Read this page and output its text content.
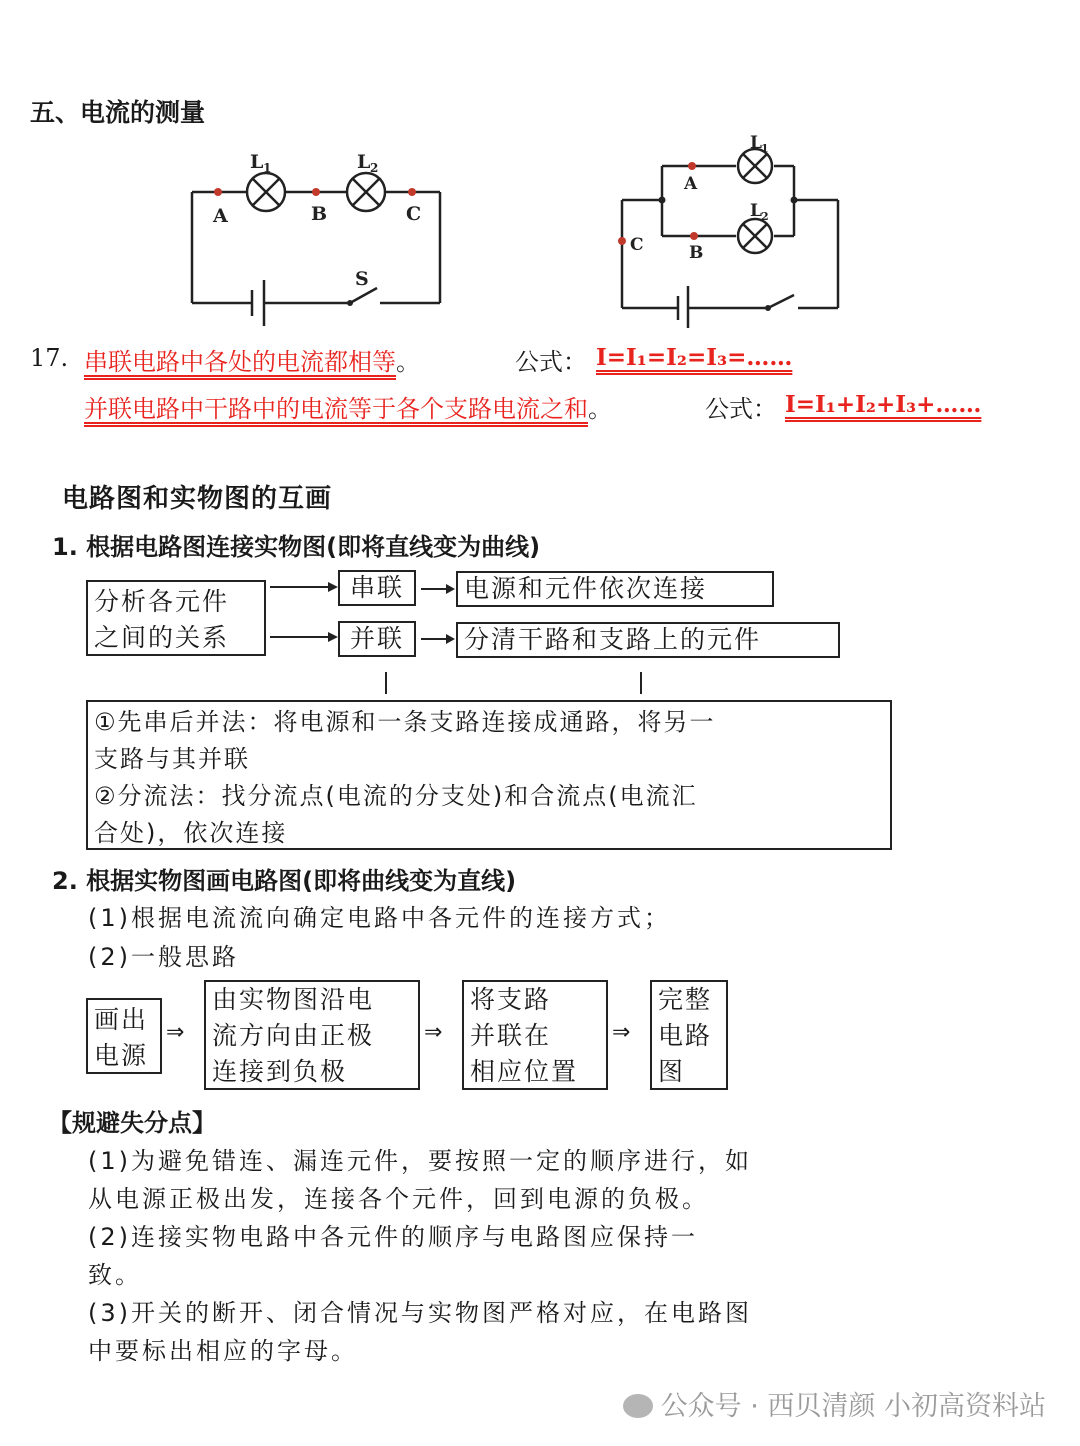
五、电流的测量
L 1	L 2
A	B	C
S
L 1
L 2
A
B
C
17. 串联电路中各处的电流都相等。	公式： I=I₁=I₂=I₃=……
并联电路中干路中的电流等于各个支路电流之和。	公式： I=I₁+I₂+I₃+……
电路图和实物图的互画
1. 根据电路图连接实物图(即将直线变为曲线)
分析各元件
之间的关系
串联
并联
电源和元件依次连接
分清干路和支路上的元件
①先串后并法：将电源和一条支路连接成通路，将另一
支路与其并联
②分流法：找分流点(电流的分支处)和合流点(电流汇
合处)，依次连接
2. 根据实物图画电路图(即将曲线变为直线)
(1)根据电流流向确定电路中各元件的连接方式；
(2)一般思路
画出
电源
⇒
由实物图沿电
流方向由正极
连接到负极
⇒
将支路
并联在
相应位置
⇒
完整
电路
图
【规避失分点】
(1)为避免错连、漏连元件，要按照一定的顺序进行，如
从电源正极出发，连接各个元件，回到电源的负极。
(2)连接实物电路中各元件的顺序与电路图应保持一
致。
(3)开关的断开、闭合情况与实物图严格对应，在电路图
中要标出相应的字母。
公众号 · 西贝清颜 小初高资料站
